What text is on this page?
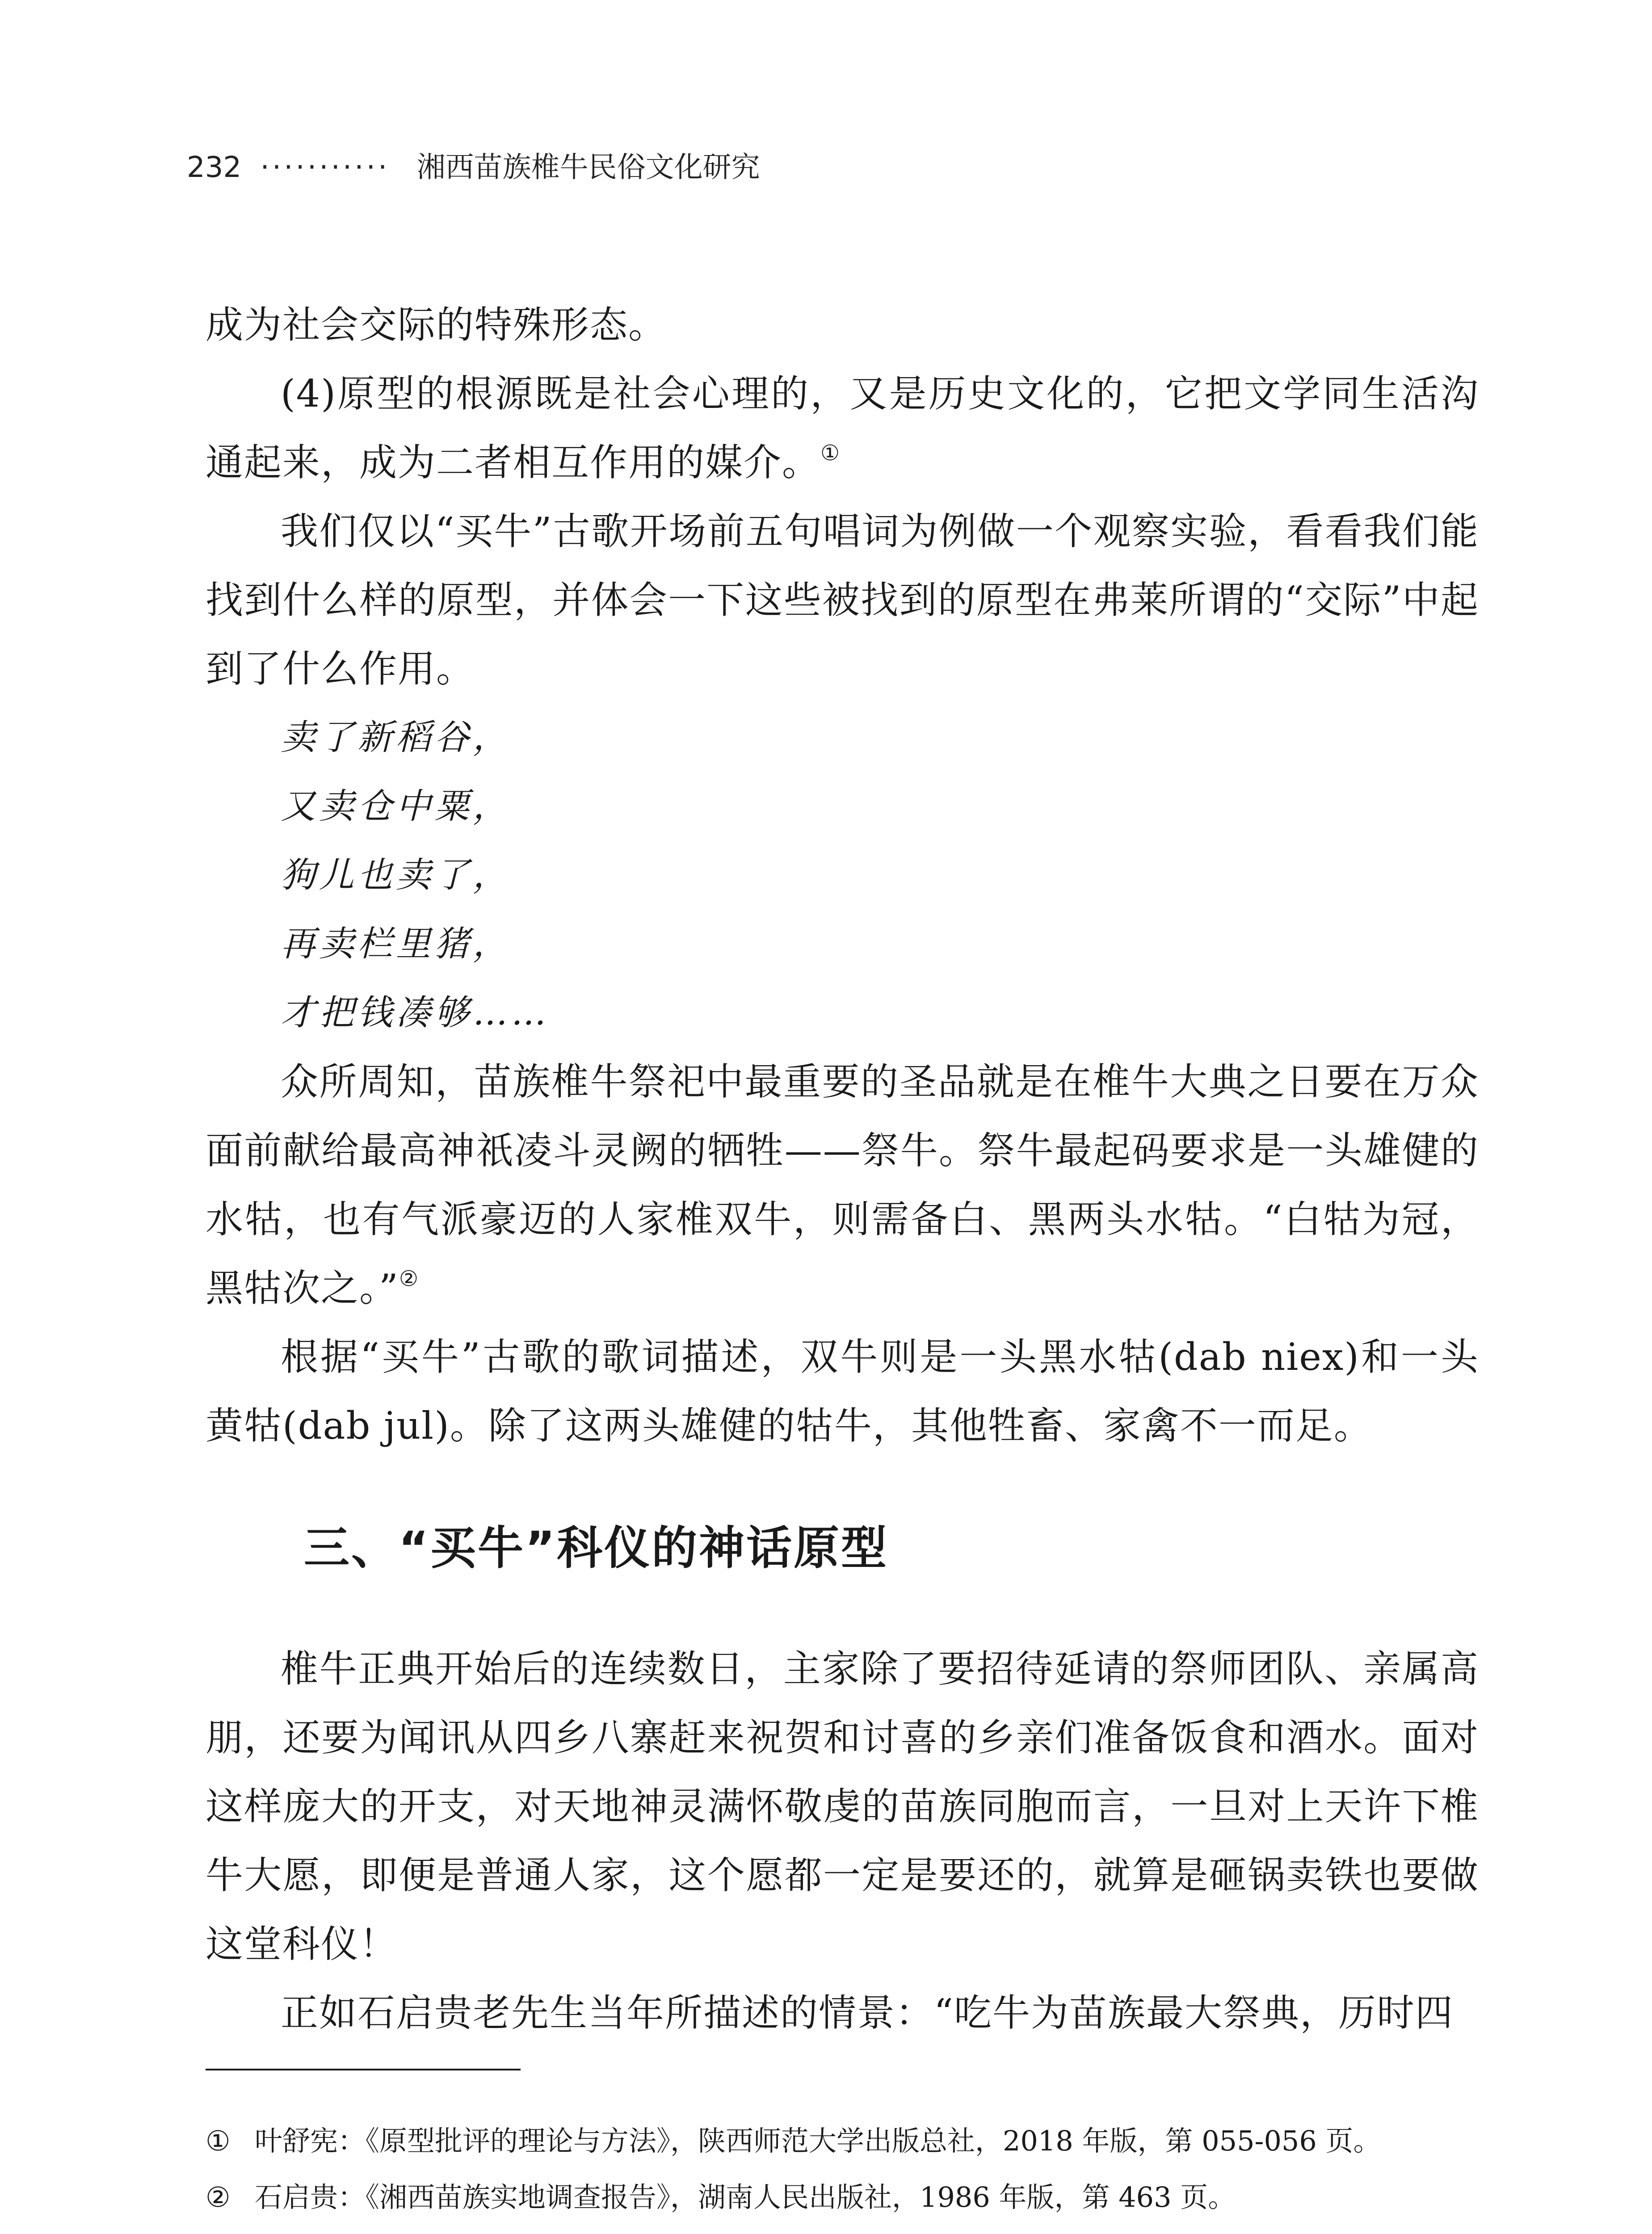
232 ··········· 湘西苗族椎牛民俗文化研究

成为社会交际的特殊形态。

(4)原型的根源既是社会心理的，又是历史文化的，它把文学同生活沟通起来，成为二者相互作用的媒介。①

我们仅以“买牛”古歌开场前五句唱词为例做一个观察实验，看看我们能找到什么样的原型，并体会一下这些被找到的原型在弗莱所谓的“交际”中起到了什么作用。

卖了新稻谷，
又卖仓中粟，
狗儿也卖了，
再卖栏里猪，
才把钱凑够……

众所周知，苗族椎牛祭祀中最重要的圣品就是在椎牛大典之日要在万众面前献给最高神祇凌斗灵阙的牺牲——祭牛。祭牛最起码要求是一头雄健的水牯，也有气派豪迈的人家椎双牛，则需备白、黑两头水牯。“白牯为冠，黑牯次之。”②

根据“买牛”古歌的歌词描述，双牛则是一头黑水牯(dab niex)和一头黄牯(dab jul)。除了这两头雄健的牯牛，其他牲畜、家禽不一而足。

三、“买牛”科仪的神话原型

椎牛正典开始后的连续数日，主家除了要招待延请的祭师团队、亲属高朋，还要为闻讯从四乡八寨赶来祝贺和讨喜的乡亲们准备饭食和酒水。面对这样庞大的开支，对天地神灵满怀敬虔的苗族同胞而言，一旦对上天许下椎牛大愿，即便是普通人家，这个愿都一定是要还的，就算是砸锅卖铁也要做这堂科仪！

正如石启贵老先生当年所描述的情景：“吃牛为苗族最大祭典，历时四

① 叶舒宪：《原型批评的理论与方法》，陕西师范大学出版总社，2018 年版，第 055-056 页。

② 石启贵：《湘西苗族实地调查报告》，湖南人民出版社，1986 年版，第 463 页。
